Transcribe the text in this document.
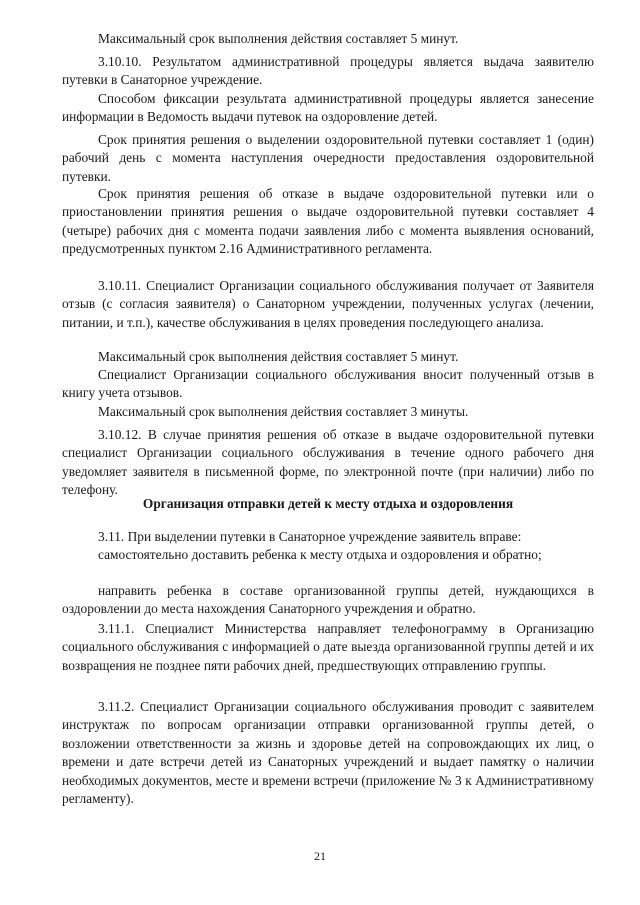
Максимальный срок выполнения действия составляет 5 минут.

3.10.10. Результатом административной процедуры является выдача заявителю путевки в Санаторное учреждение.

Способом фиксации результата административной процедуры является занесение информации в Ведомость выдачи путевок на оздоровление детей.

Срок принятия решения о выделении оздоровительной путевки составляет 1 (один) рабочий день с момента наступления очередности предоставления оздоровительной путевки.

Срок принятия решения об отказе в выдаче оздоровительной путевки или о приостановлении принятия решения о выдаче оздоровительной путевки составляет 4 (четыре) рабочих дня с момента подачи заявления либо с момента выявления оснований, предусмотренных пунктом 2.16 Административного регламента.

3.10.11. Специалист Организации социального обслуживания получает от Заявителя отзыв (с согласия заявителя) о Санаторном учреждении, полученных услугах (лечении, питании, и т.п.), качестве обслуживания в целях проведения последующего анализа.

Максимальный срок выполнения действия составляет 5 минут.

Специалист Организации социального обслуживания вносит полученный отзыв в книгу учета отзывов.

Максимальный срок выполнения действия составляет 3 минуты.

3.10.12. В случае принятия решения об отказе в выдаче оздоровительной путевки специалист Организации социального обслуживания в течение одного рабочего дня уведомляет заявителя в письменной форме, по электронной почте (при наличии) либо по телефону.

Организация отправки детей к месту отдыха и оздоровления

3.11. При выделении путевки в Санаторное учреждение заявитель вправе:

самостоятельно доставить ребенка к месту отдыха и оздоровления и обратно;

направить ребенка в составе организованной группы детей, нуждающихся в оздоровлении до места нахождения Санаторного учреждения и обратно.

3.11.1. Специалист Министерства направляет телефонограмму в Организацию социального обслуживания с информацией о дате выезда организованной группы детей и их возвращения не позднее пяти рабочих дней, предшествующих отправлению группы.

3.11.2. Специалист Организации социального обслуживания проводит с заявителем инструктаж по вопросам организации отправки организованной группы детей, о возложении ответственности за жизнь и здоровье детей на сопровождающих их лиц, о времени и дате встречи детей из Санаторных учреждений и выдает памятку о наличии необходимых документов, месте и времени встречи (приложение № 3 к Административному регламенту).

21
